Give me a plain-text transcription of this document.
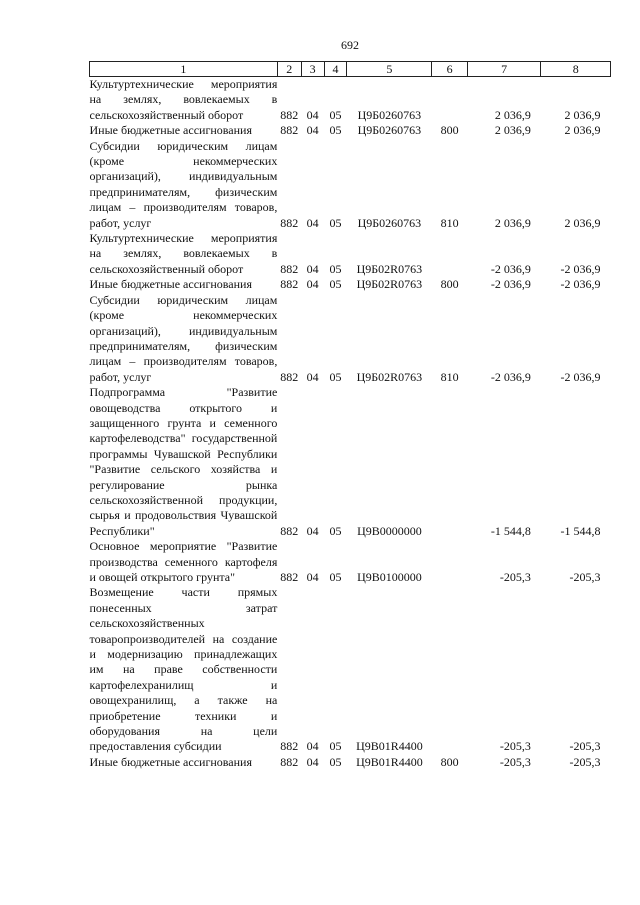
692
1	2	3	4	5	6	7	8
Культуртехнические мероприятия на землях, вовлекаемых в сельскохозяйственный оборот	882	04	05	Ц9Б0260763		2 036,9	2 036,9
Иные бюджетные ассигнования	882	04	05	Ц9Б0260763	800	2 036,9	2 036,9
Субсидии юридическим лицам (кроме некоммерческих организаций), индивидуальным предпринимателям, физическим лицам – производителям товаров, работ, услуг	882	04	05	Ц9Б0260763	810	2 036,9	2 036,9
Культуртехнические мероприятия на землях, вовлекаемых в сельскохозяйственный оборот	882	04	05	Ц9Б02R0763		-2 036,9	-2 036,9
Иные бюджетные ассигнования	882	04	05	Ц9Б02R0763	800	-2 036,9	-2 036,9
Субсидии юридическим лицам (кроме некоммерческих организаций), индивидуальным предпринимателям, физическим лицам – производителям товаров, работ, услуг	882	04	05	Ц9Б02R0763	810	-2 036,9	-2 036,9
Подпрограмма "Развитие овощеводства открытого и защищенного грунта и семенного картофелеводства" государственной программы Чувашской Республики "Развитие сельского хозяйства и регулирование рынка сельскохозяйственной продукции, сырья и продовольствия Чувашской Республики"	882	04	05	Ц9В0000000		-1 544,8	-1 544,8
Основное мероприятие "Развитие производства семенного картофеля и овощей открытого грунта"	882	04	05	Ц9В0100000		-205,3	-205,3
Возмещение части прямых понесенных затрат сельскохозяйственных товаропроизводителей на создание и модернизацию принадлежащих им на праве собственности картофелехранилищ и овощехранилищ, а также на приобретение техники и оборудования на цели предоставления субсидии	882	04	05	Ц9В01R4400		-205,3	-205,3
Иные бюджетные ассигнования	882	04	05	Ц9В01R4400	800	-205,3	-205,3
